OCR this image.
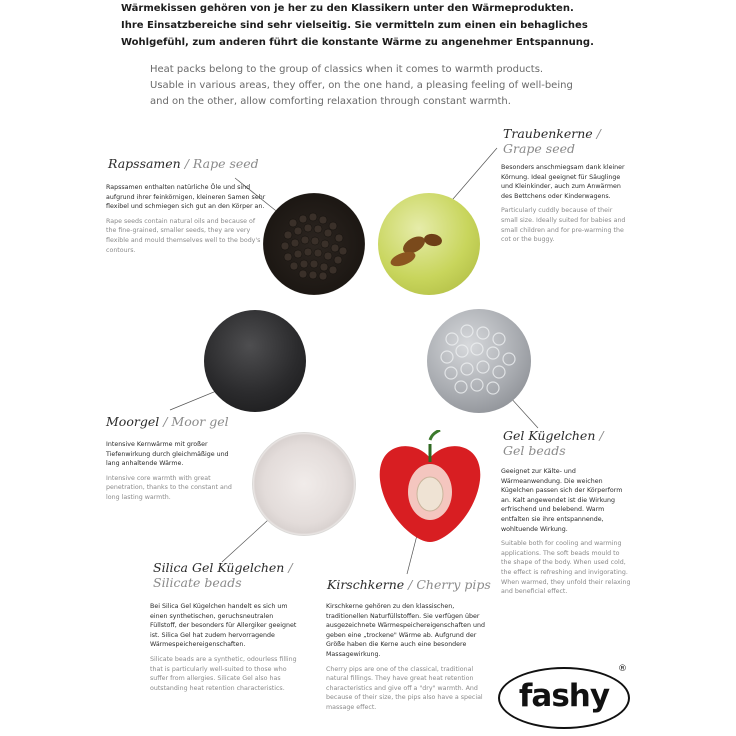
Wärmekissen gehören von je her zu den Klassikern unter den Wärmeprodukten.
Ihre Einsatzbereiche sind sehr vielseitig. Sie vermitteln zum einen ein behagliches
Wohlgefühl, zum anderen führt die konstante Wärme zu angenehmer Entspannung.
Heat packs belong to the group of classics when it comes to warmth products.
Usable in various areas, they offer, on the one hand, a pleasing feeling of well-being
and on the other, allow comforting relaxation through constant warmth.
Rapssamen / Rape seed
Rapssamen enthalten natürliche Öle und sind aufgrund ihrer feinkörnigen, kleineren Samen sehr flexibel und schmiegen sich gut an den Körper an.
Rape seeds contain natural oils and because of the fine-grained, smaller seeds, they are very flexible and mould themselves well to the body's contours.
Traubenkerne /
Grape seed
Besonders anschmiegsam dank kleiner Körnung. Ideal geeignet für Säuglinge und Kleinkinder, auch zum Anwärmen des Bettchens oder Kinderwagens.
Particularly cuddly because of their small size. Ideally suited for babies and small children and for pre-warming the cot or the buggy.
Moorgel / Moor gel
Intensive Kernwärme mit großer Tiefenwirkung durch gleichmäßige und lang anhaltende Wärme.
Intensive core warmth with great penetration, thanks to the constant and long lasting warmth.
Gel Kügelchen /
Gel beads
Geeignet zur Kälte- und Wärmeanwendung. Die weichen Kügelchen passen sich der Körperform an. Kalt angewendet ist die Wirkung erfrischend und belebend. Warm entfalten sie ihre entspannende, wohltuende Wirkung.
Suitable both for cooling and warming applications. The soft beads mould to the shape of the body. When used cold, the effect is refreshing and invigorating. When warmed, they unfold their relaxing and beneficial effect.
Silica Gel Kügelchen /
Silicate beads
Bei Silica Gel Kügelchen handelt es sich um einen synthetischen, geruchsneutralen Füllstoff, der besonders für Allergiker geeignet ist. Silica Gel hat zudem hervorragende Wärmespeichereigenschaften.
Silicate beads are a synthetic, odourless filling that is particularly well-suited to those who suffer from allergies. Silicate Gel also has outstanding heat retention characteristics.
Kirschkerne / Cherry pips
Kirschkerne gehören zu den klassischen, traditionellen Naturfüllstoffen. Sie verfügen über ausgezeichnete Wärmespeichereigenschaften und geben eine „trockene" Wärme ab. Aufgrund der Größe haben die Kerne auch eine besondere Massagewirkung.
Cherry pips are one of the classical, traditional natural fillings. They have great heat retention characteristics and give off a "dry" warmth. And because of their size, the pips also have a special massage effect.	fashy
®
